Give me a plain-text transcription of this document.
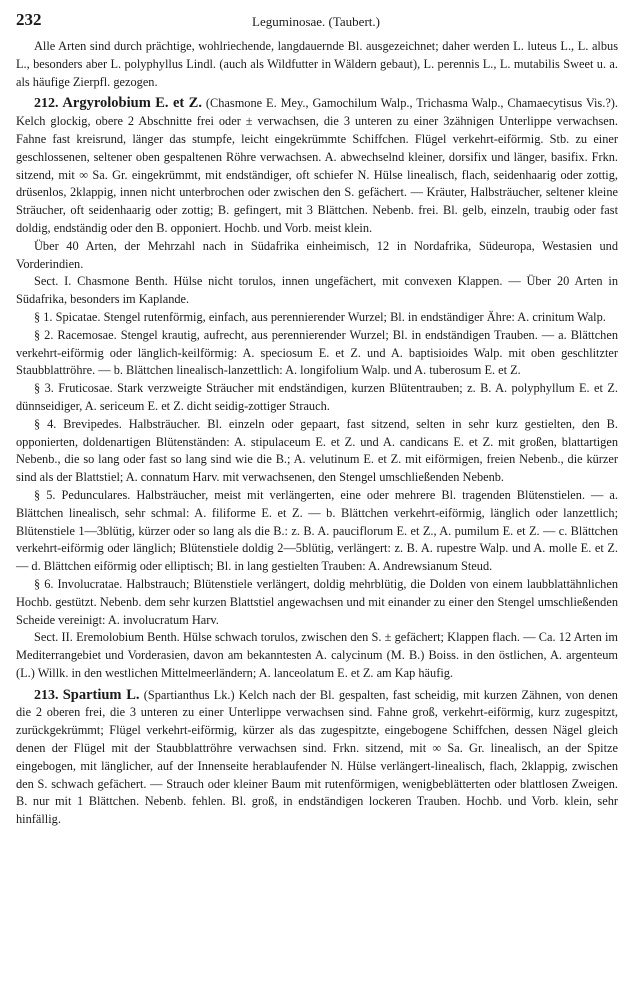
232	Leguminosae. (Taubert.)

Alle Arten sind durch prächtige, wohlriechende, langdauernde Bl. ausgezeichnet; daher werden L. luteus L., L. albus L., besonders aber L. polyphyllus Lindl. (auch als Wildfutter in Wäldern gebaut), L. perennis L., L. mutabilis Sweet u. a. als häufige Zierpfl. gezogen.

212. Argyrolobium E. et Z. (Chasmone E. Mey., Gamochilum Walp., Trichasma Walp., Chamaecytisus Vis.?). Kelch glockig, obere 2 Abschnitte frei oder ± verwachsen, die 3 unteren zu einer 3zähnigen Unterlippe verwachsen. Fahne fast kreisrund, länger das stumpfe, leicht eingekrümmte Schiffchen. Flügel verkehrt-eiförmig. Stb. zu einer geschlossenen, seltener oben gespaltenen Röhre verwachsen. A. abwechselnd kleiner, dorsifix und länger, basifix. Frkn. sitzend, mit ∞ Sa. Gr. eingekrümmt, mit endständiger, oft schiefer N. Hülse linealisch, flach, seidenhaarig oder zottig, drüsenlos, 2klappig, innen nicht unterbrochen oder zwischen den S. gefächert. — Kräuter, Halbsträucher, seltener kleine Sträucher, oft seidenhaarig oder zottig; B. gefingert, mit 3 Blättchen. Nebenb. frei. Bl. gelb, einzeln, traubig oder fast doldig, endständig oder den B. opponiert. Hochb. und Vorb. meist klein.

Über 40 Arten, der Mehrzahl nach in Südafrika einheimisch, 12 in Nordafrika, Südeuropa, Westasien und Vorderindien.

Sect. I. Chasmone Benth. Hülse nicht torulos, innen ungefächert, mit convexen Klappen. — Über 20 Arten in Südafrika, besonders im Kaplande.

§ 1. Spicatae. Stengel rutenförmig, einfach, aus perennierender Wurzel; Bl. in endständiger Ähre: A. crinitum Walp.

§ 2. Racemosae. Stengel krautig, aufrecht, aus perennierender Wurzel; Bl. in endständigen Trauben. — a. Blättchen verkehrt-eiförmig oder länglich-keilförmig: A. speciosum E. et Z. und A. baptisioides Walp. mit oben geschlitzter Staubblattröhre. — b. Blättchen linealisch-lanzettlich: A. longifolium Walp. und A. tuberosum E. et Z.

§ 3. Fruticosae. Stark verzweigte Sträucher mit endständigen, kurzen Blütentrauben; z. B. A. polyphyllum E. et Z. dünnseidiger, A. sericeum E. et Z. dicht seidig-zottiger Strauch.

§ 4. Brevipedes. Halbsträucher. Bl. einzeln oder gepaart, fast sitzend, selten in sehr kurz gestielten, den B. opponierten, doldenartigen Blütenständen: A. stipulaceum E. et Z. und A. candicans E. et Z. mit großen, blattartigen Nebenb., die so lang oder fast so lang sind wie die B.; A. velutinum E. et Z. mit eiförmigen, freien Nebenb., die kürzer sind als der Blattstiel; A. connatum Harv. mit verwachsenen, den Stengel umschließenden Nebenb.

§ 5. Pedunculares. Halbsträucher, meist mit verlängerten, eine oder mehrere Bl. tragenden Blütenstielen. — a. Blättchen linealisch, sehr schmal: A. filiforme E. et Z. — b. Blättchen verkehrt-eiförmig, länglich oder lanzettlich; Blütenstiele 1—3blütig, kürzer oder so lang als die B.: z. B. A. pauciflorum E. et Z., A. pumilum E. et Z. — c. Blättchen verkehrt-eiförmig oder länglich; Blütenstiele doldig 2—5blütig, verlängert: z. B. A. rupestre Walp. und A. molle E. et Z. — d. Blättchen eiförmig oder elliptisch; Bl. in lang gestielten Trauben: A. Andrewsianum Steud.

§ 6. Involucratae. Halbstrauch; Blütenstiele verlängert, doldig mehrblütig, die Dolden von einem laubblattähnlichen Hochb. gestützt. Nebenb. dem sehr kurzen Blattstiel angewachsen und mit einander zu einer den Stengel umschließenden Scheide vereinigt: A. involucratum Harv.

Sect. II. Eremolobium Benth. Hülse schwach torulos, zwischen den S. ± gefächert; Klappen flach. — Ca. 12 Arten im Mediterrangebiet und Vorderasien, davon am bekanntesten A. calycinum (M. B.) Boiss. in den östlichen, A. argenteum (L.) Willk. in den westlichen Mittelmeerländern; A. lanceolatum E. et Z. am Kap häufig.

213. Spartium L. (Spartianthus Lk.) Kelch nach der Bl. gespalten, fast scheidig, mit kurzen Zähnen, von denen die 2 oberen frei, die 3 unteren zu einer Unterlippe verwachsen sind. Fahne groß, verkehrt-eiförmig, kurz zugespitzt, zurückgekrümmt; Flügel verkehrt-eiförmig, kürzer als das zugespitzte, eingebogene Schiffchen, dessen Nägel gleich denen der Flügel mit der Staubblattröhre verwachsen sind. Frkn. sitzend, mit ∞ Sa. Gr. linealisch, an der Spitze eingebogen, mit länglicher, auf der Innenseite herablaufender N. Hülse verlängert-linealisch, flach, 2klappig, zwischen den S. schwach gefächert. — Strauch oder kleiner Baum mit rutenförmigen, wenigbeblätterten oder blattlosen Zweigen. B. nur mit 1 Blättchen. Nebenb. fehlen. Bl. groß, in endständigen lockeren Trauben. Hochb. und Vorb. klein, sehr hinfällig.
